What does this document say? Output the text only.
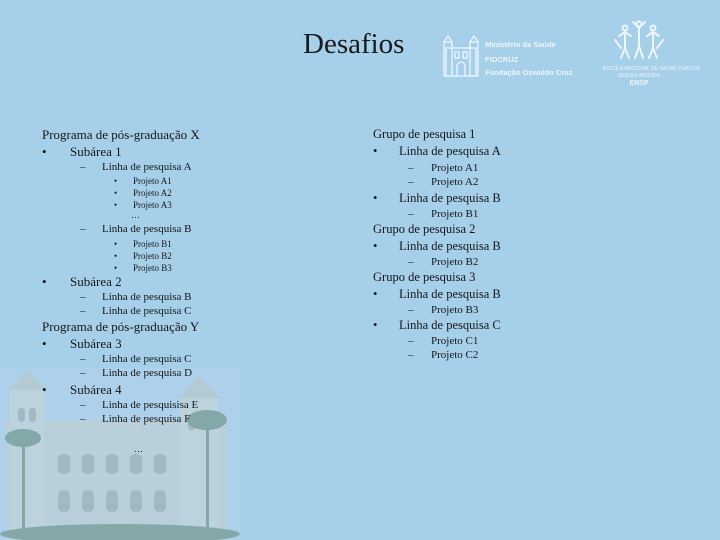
Desafios	Ministério da Saúde
FIOCRUZ
Fundação Oswaldo Cruz	ESCOLA NACIONAL DE SAÚDE PÚBLICA
SERGIO AROUCA
ENSP
Programa de pós-graduação X
• Subárea 1
– Linha de pesquisa A
• Projeto A1
• Projeto A2
• Projeto A3
…
– Linha de pesquisa B
• Projeto B1
• Projeto B2
• Projeto B3
• Subárea 2
– Linha de pesquisa B
– Linha de pesquisa C
Programa de pós-graduação Y
• Subárea 3
– Linha de pesquisa C
– Linha de pesquisa D
• Subárea 4
– Linha de pesquisisa E
– Linha de pesquisa F
…
Grupo de pesquisa 1
• Linha de pesquisa A
– Projeto A1
– Projeto A2
• Linha de pesquisa B
– Projeto B1
Grupo de pesquisa 2
• Linha de pesquisa B
– Projeto B2
Grupo de pesquisa 3
• Linha de pesquisa B
– Projeto B3
• Linha de pesquisa C
– Projeto C1
– Projeto C2
